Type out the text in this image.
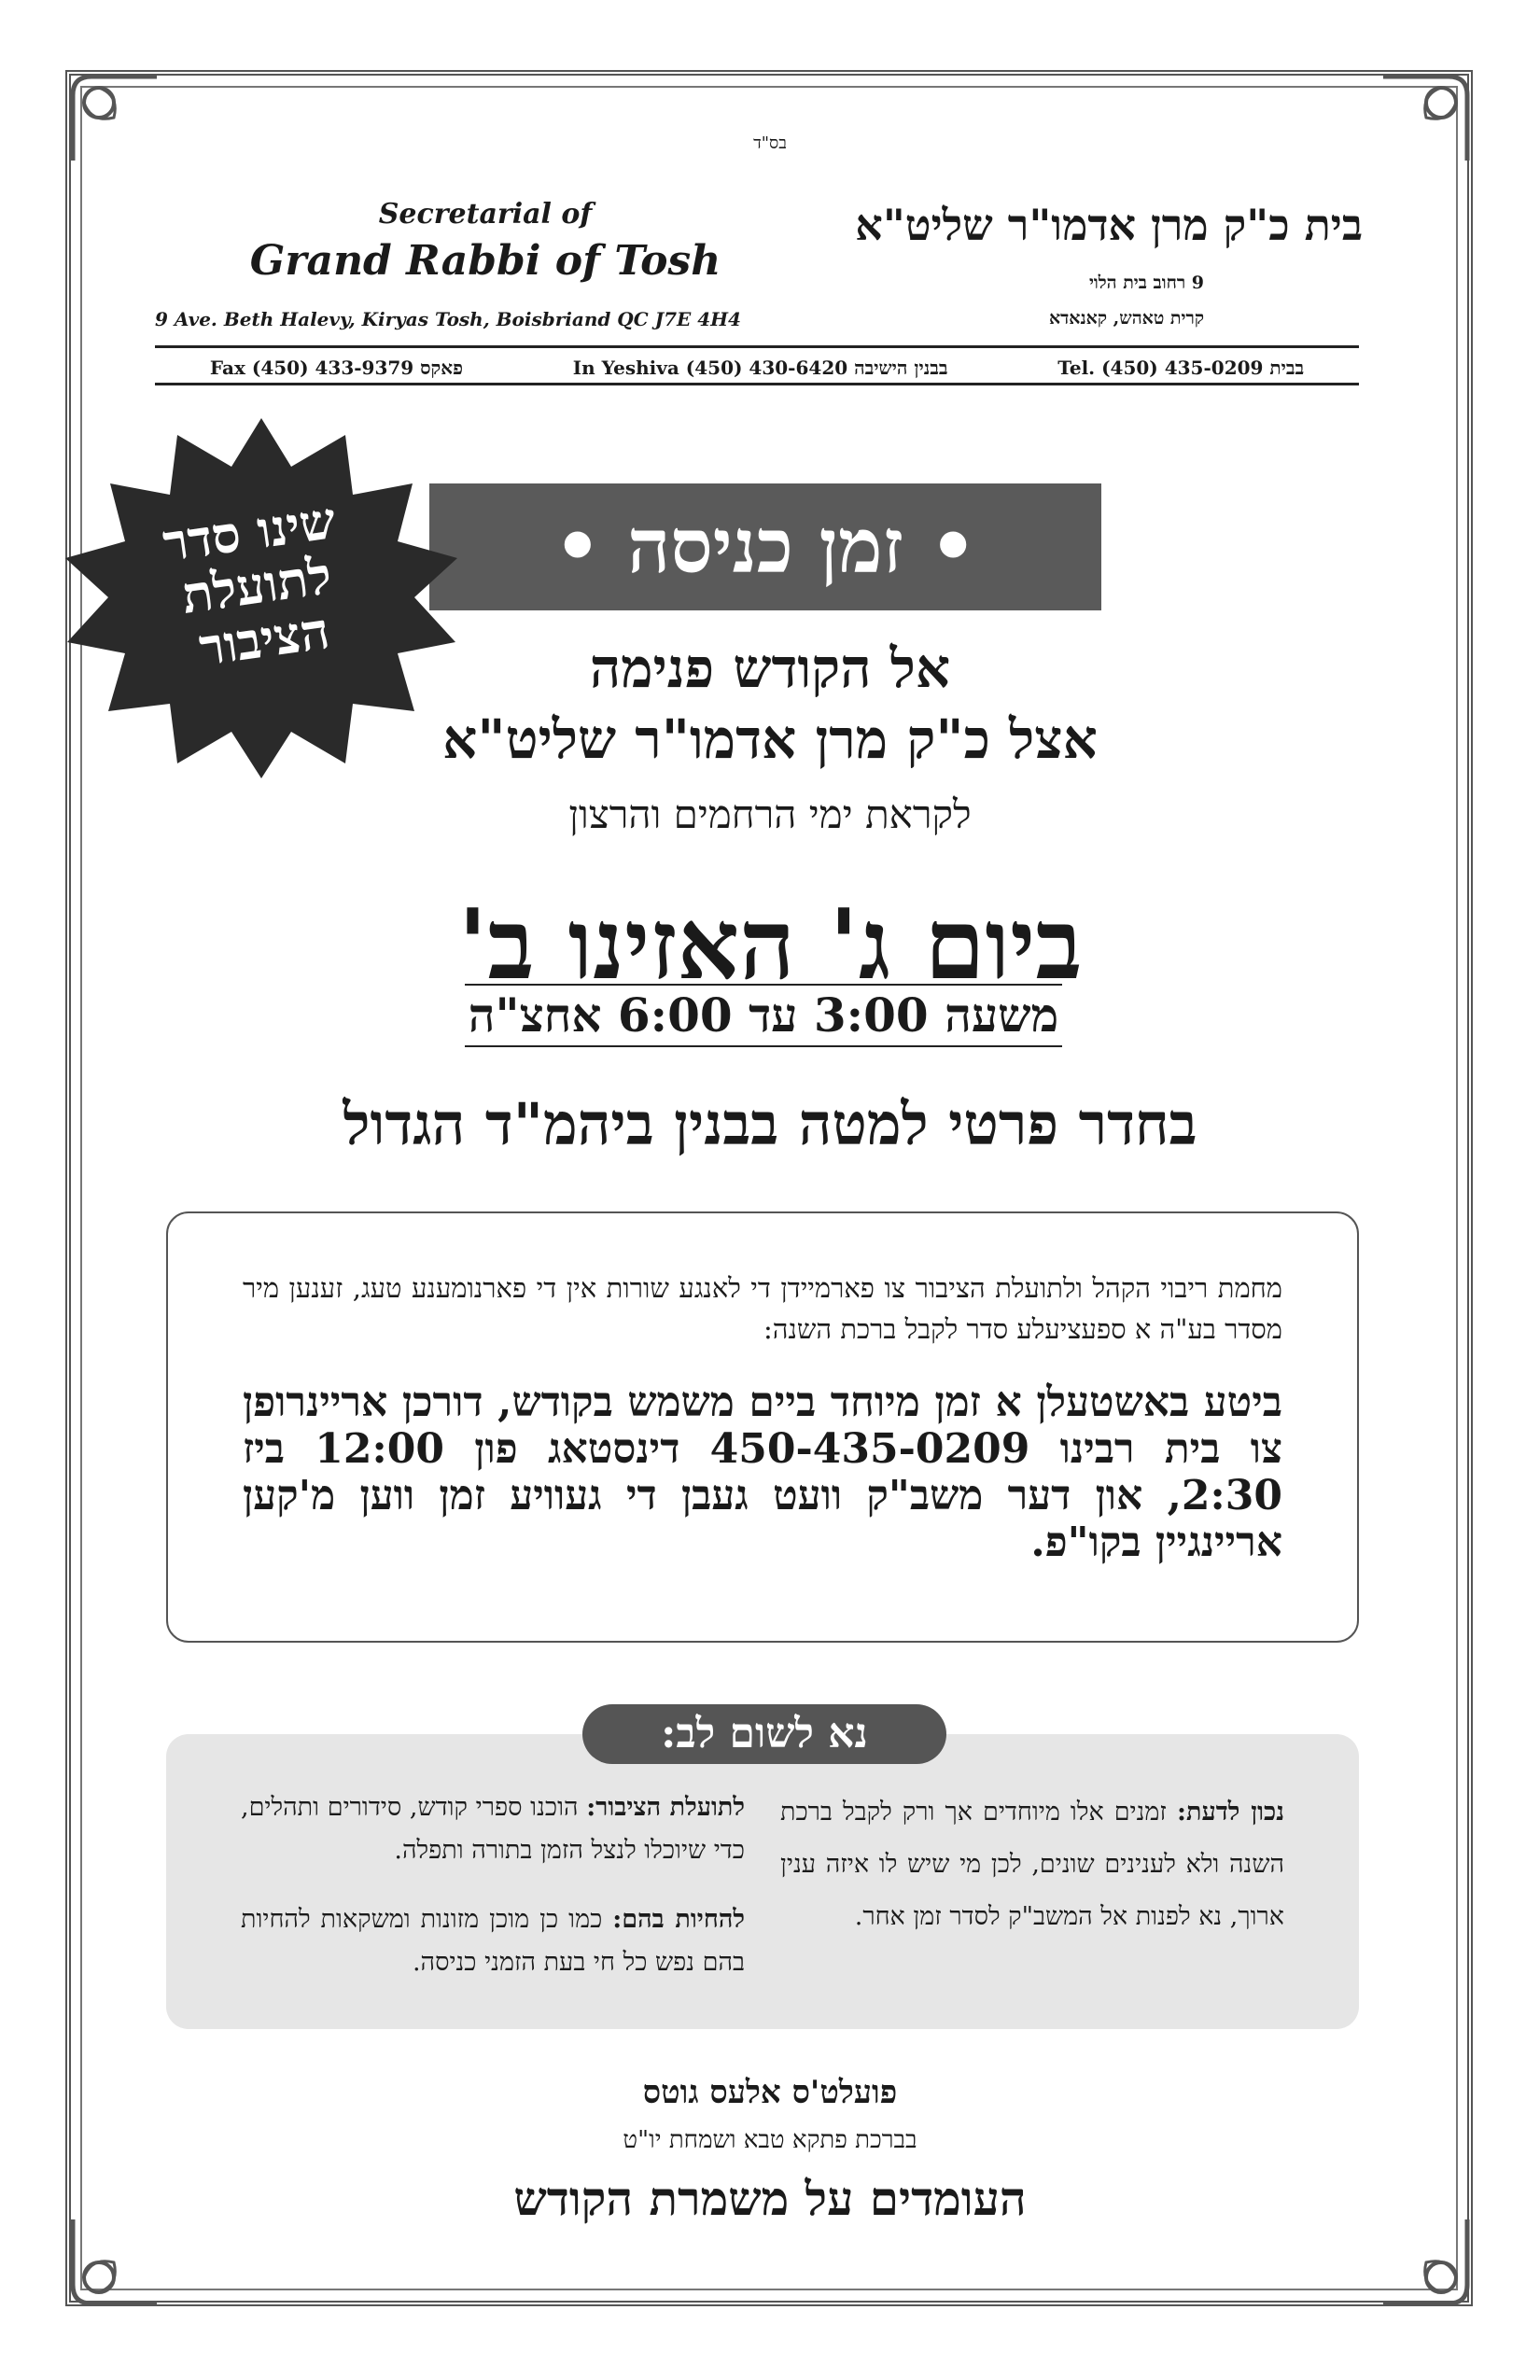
בס"ד
Secretarial of
Grand Rabbi of Tosh
9 Ave. Beth Halevy, Kiryas Tosh, Boisbriand QC J7E 4H4
בית כ"ק מרן אדמו"ר שליט"א
9 רחוב בית הלוי
קרית טאהש, קאנאדא
בבית Tel. (450) 435-0209
בבנין הישיבה In Yeshiva (450) 430-6420
פאקס Fax (450) 433-9379
• זמן כניסה •
שינו סדר לתועלת הציבור	אל הקודש פנימה
אצל כ"ק מרן אדמו"ר שליט"א
לקראת ימי הרחמים והרצון
ביום ג' האזינו ב'
משעה 3:00 עד 6:00 אחצ"ה
בחדר פרטי למטה בבנין ביהמ"ד הגדול
מחמת ריבוי הקהל ולתועלת הציבור צו פארמיידן די לאנגע שורות אין די פארנומענע טעג, זענען מיר מסדר בע"ה א ספעציעלע סדר לקבל ברכת השנה:
ביטע באשטעלן א זמן מיוחד ביים משמש בקודש, דורכן אריינרופן צו בית רבינו 450-435-0209 דינסטאג פון 12:00 ביז 2:30, און דער משב"ק וועט געבן די געוויע זמן ווען מ'קען אריינגיין בקו"פ.
נכון לדעת: זמנים אלו מיוחדים אך ורק לקבל ברכת השנה ולא לענינים שונים, לכן מי שיש לו איזה ענין ארוך, נא לפנות אל המשב"ק לסדר זמן אחר.

לתועלת הציבור: הוכנו ספרי קודש, סידורים ותהלים, כדי שיוכלו לנצל הזמן בתורה ותפלה.

להחיות בהם: כמו כן מוכן מזונות ומשקאות להחיות בהם נפש כל חי בעת הזמני כניסה.

נא לשום לב:
פועלט'ס אלעס גוטס
בברכת פתקא טבא ושמחת יו"ט
העומדים על משמרת הקודש
